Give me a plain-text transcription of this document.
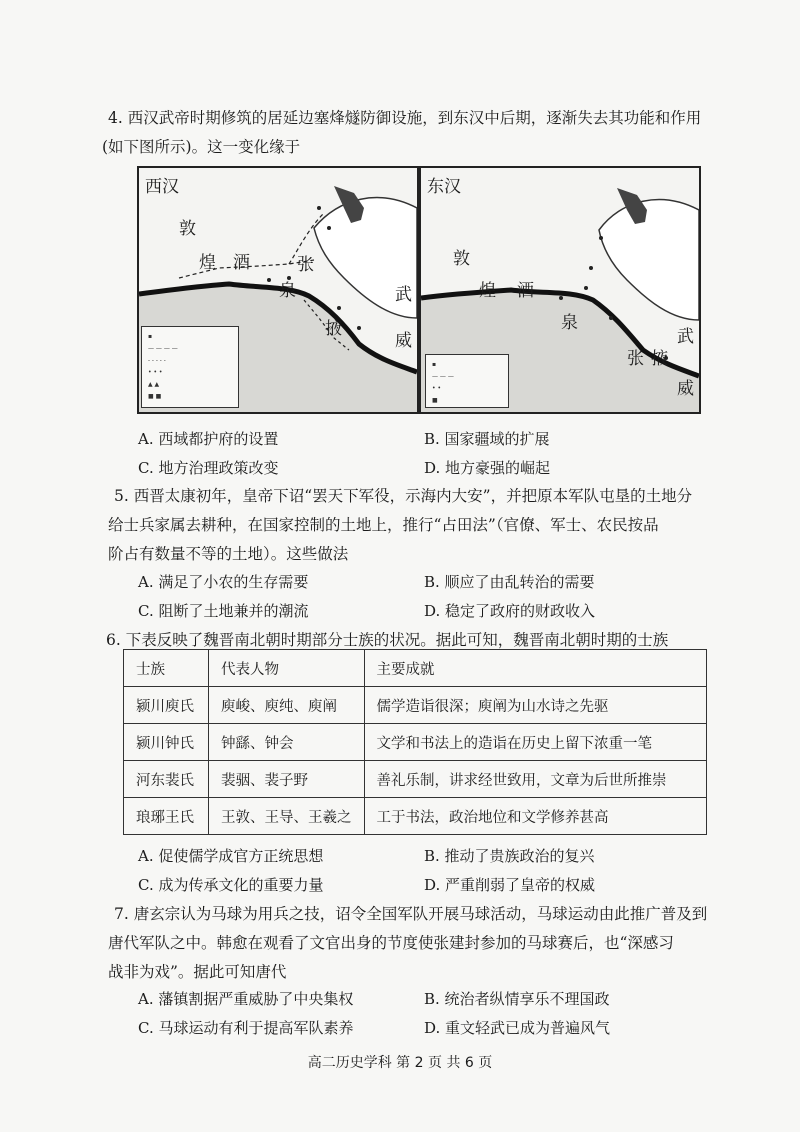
4. 西汉武帝时期修筑的居延边塞烽燧防御设施，到东汉中后期，逐渐失去其功能和作用
(如下图所示)。这一变化缘于
西汉
敦
煌 酒
泉
张
掖
武
威
▪
— — — —
- - - - -
• • •
▲ ▲
■ ■
东汉
敦
煌 酒
泉
张 掖
武
威
▪
— — —
• •
■
A. 西域都护府的设置	B. 国家疆域的扩展
C. 地方治理政策改变	D. 地方豪强的崛起
5. 西晋太康初年，皇帝下诏“罢天下军役，示海内大安”，并把原本军队屯垦的土地分
给士兵家属去耕种，在国家控制的土地上，推行“占田法”（官僚、军士、农民按品
阶占有数量不等的土地）。这些做法
A. 满足了小农的生存需要	B. 顺应了由乱转治的需要
C. 阻断了土地兼并的潮流	D. 稳定了政府的财政收入
6. 下表反映了魏晋南北朝时期部分士族的状况。据此可知，魏晋南北朝时期的士族
士族	代表人物	主要成就
颍川庾氏	庾峻、庾纯、庾阐	儒学造诣很深；庾阐为山水诗之先驱
颍川钟氏	钟繇、钟会	文学和书法上的造诣在历史上留下浓重一笔
河东裴氏	裴骃、裴子野	善礼乐制，讲求经世致用，文章为后世所推崇
琅琊王氏	王敦、王导、王羲之	工于书法，政治地位和文学修养甚高
A. 促使儒学成官方正统思想	B. 推动了贵族政治的复兴
C. 成为传承文化的重要力量	D. 严重削弱了皇帝的权威
7. 唐玄宗认为马球为用兵之技，诏令全国军队开展马球活动，马球运动由此推广普及到
唐代军队之中。韩愈在观看了文官出身的节度使张建封参加的马球赛后，也“深感习
战非为戏”。据此可知唐代
A. 藩镇割据严重威胁了中央集权	B. 统治者纵情享乐不理国政
C. 马球运动有利于提高军队素养	D. 重文轻武已成为普遍风气
高二历史学科 第 2 页 共 6 页
